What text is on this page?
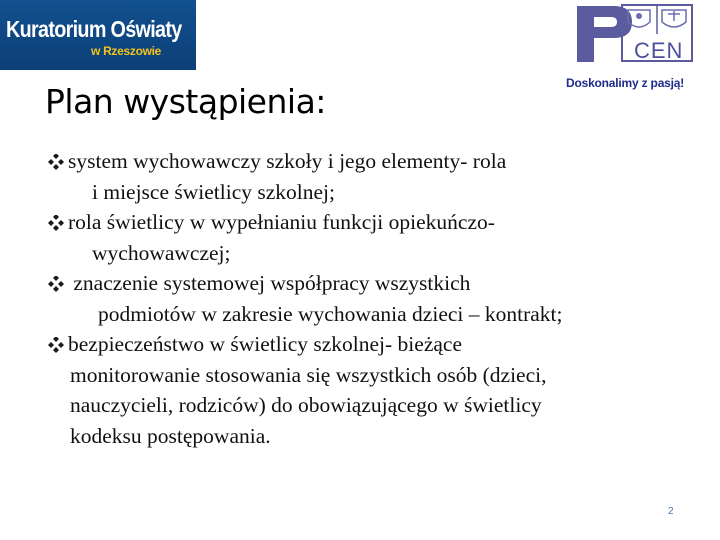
Kuratorium Oświaty
w Rzeszowie	CEN
Doskonalimy z pasją!
Plan wystąpienia:
system wychowawczy szkoły i jego elementy- rola
i miejsce świetlicy szkolnej;
rola świetlicy w wypełnianiu funkcji opiekuńczo-
wychowawczej;
znaczenie systemowej współpracy wszystkich
podmiotów w zakresie wychowania dzieci – kontrakt;
bezpieczeństwo w świetlicy szkolnej- bieżące
monitorowanie stosowania się wszystkich osób (dzieci,
nauczycieli, rodziców) do obowiązującego w świetlicy
kodeksu postępowania.
2
